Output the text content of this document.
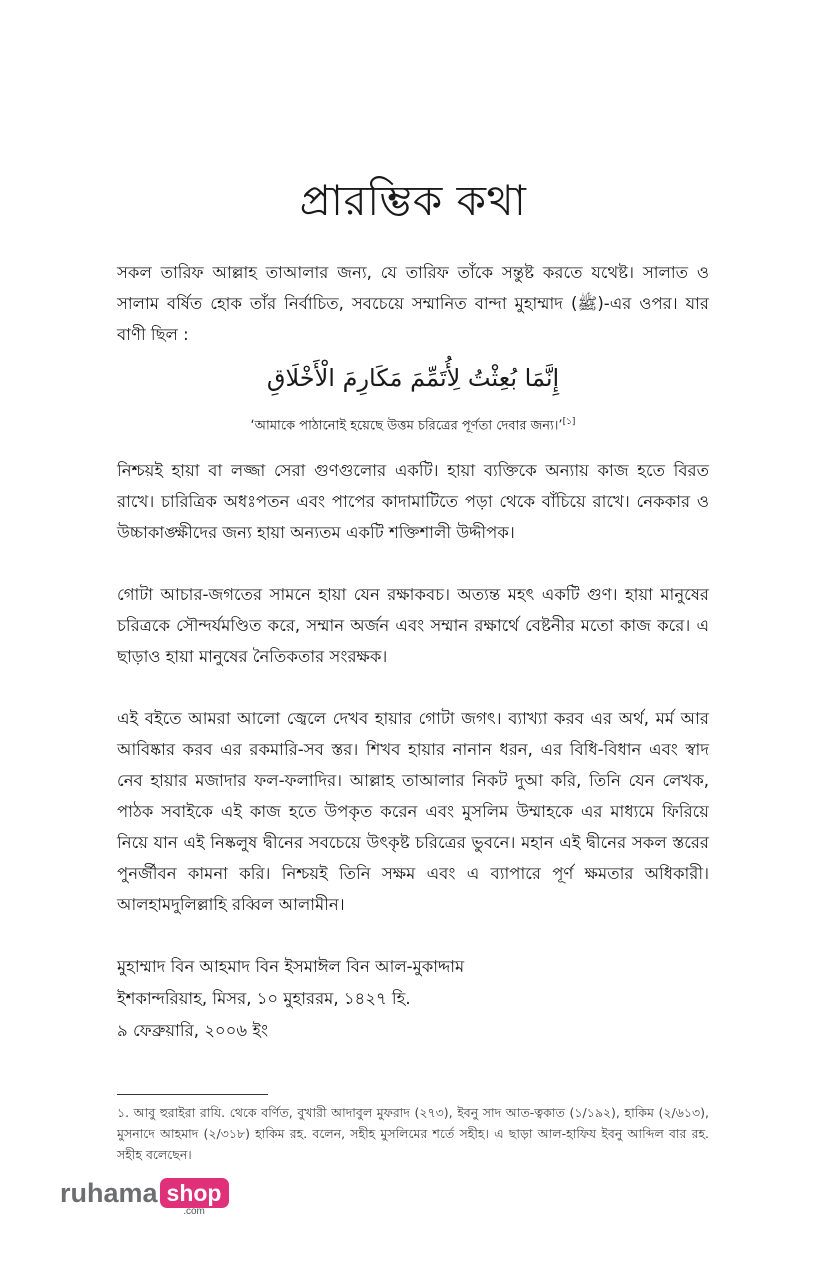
প্রারম্ভিক কথা

সকল তারিফ আল্লাহ তাআলার জন্য, যে তারিফ তাঁকে সন্তুষ্ট করতে যথেষ্ট। সালাত ও সালাম বর্ষিত হোক তাঁর নির্বাচিত, সবচেয়ে সম্মানিত বান্দা মুহাম্মাদ (ﷺ)-এর ওপর। যার বাণী ছিল :

إِنَّمَا بُعِثْتُ لِأُتَمِّمَ مَكَارِمَ الْأَخْلَاقِ
‘আমাকে পাঠানোই হয়েছে উত্তম চরিত্রের পূর্ণতা দেবার জন্য।’[১]

নিশ্চয়ই হায়া বা লজ্জা সেরা গুণগুলোর একটি। হায়া ব্যক্তিকে অন্যায় কাজ হতে বিরত রাখে। চারিত্রিক অধঃপতন এবং পাপের কাদামাটিতে পড়া থেকে বাঁচিয়ে রাখে। নেককার ও উচ্চাকাঙ্ক্ষীদের জন্য হায়া অন্যতম একটি শক্তিশালী উদ্দীপক।

গোটা আচার-জগতের সামনে হায়া যেন রক্ষাকবচ। অত্যন্ত মহৎ একটি গুণ। হায়া মানুষের চরিত্রকে সৌন্দর্যমণ্ডিত করে, সম্মান অর্জন এবং সম্মান রক্ষার্থে বেষ্টনীর মতো কাজ করে। এ ছাড়াও হায়া মানুষের নৈতিকতার সংরক্ষক।

এই বইতে আমরা আলো জ্বেলে দেখব হায়ার গোটা জগৎ। ব্যাখ্যা করব এর অর্থ, মর্ম আর আবিষ্কার করব এর রকমারি-সব স্তর। শিখব হায়ার নানান ধরন, এর বিধি-বিধান এবং স্বাদ নেব হায়ার মজাদার ফল-ফলাদির। আল্লাহ তাআলার নিকট দুআ করি, তিনি যেন লেখক, পাঠক সবাইকে এই কাজ হতে উপকৃত করেন এবং মুসলিম উম্মাহকে এর মাধ্যমে ফিরিয়ে নিয়ে যান এই নিষ্কলুষ দ্বীনের সবচেয়ে উৎকৃষ্ট চরিত্রের ভুবনে। মহান এই দ্বীনের সকল স্তরের পুনর্জীবন কামনা করি। নিশ্চয়ই তিনি সক্ষম এবং এ ব্যাপারে পূর্ণ ক্ষমতার অধিকারী। আলহামদুলিল্লাহি রব্বিল আলামীন।

মুহাম্মাদ বিন আহমাদ বিন ইসমাঈল বিন আল-মুকাদ্দাম
ইশকান্দরিয়াহ, মিসর, ১০ মুহাররম, ১৪২৭ হি.
৯ ফেব্রুয়ারি, ২০০৬ ইং
১. আবু হুরাইরা রাযি. থেকে বর্ণিত, বুখারী আদাবুল মুফরাদ (২৭৩), ইবনু সাদ আত-ত্বকাত (১/১৯২), হাকিম (২/৬১৩), মুসনাদে আহমাদ (২/৩১৮) হাকিম রহ. বলেন, সহীহ মুসলিমের শর্তে সহীহ। এ ছাড়া আল-হাফিয ইবনু আব্দিল বার রহ. সহীহ বলেছেন।
ruhama shop
.com
